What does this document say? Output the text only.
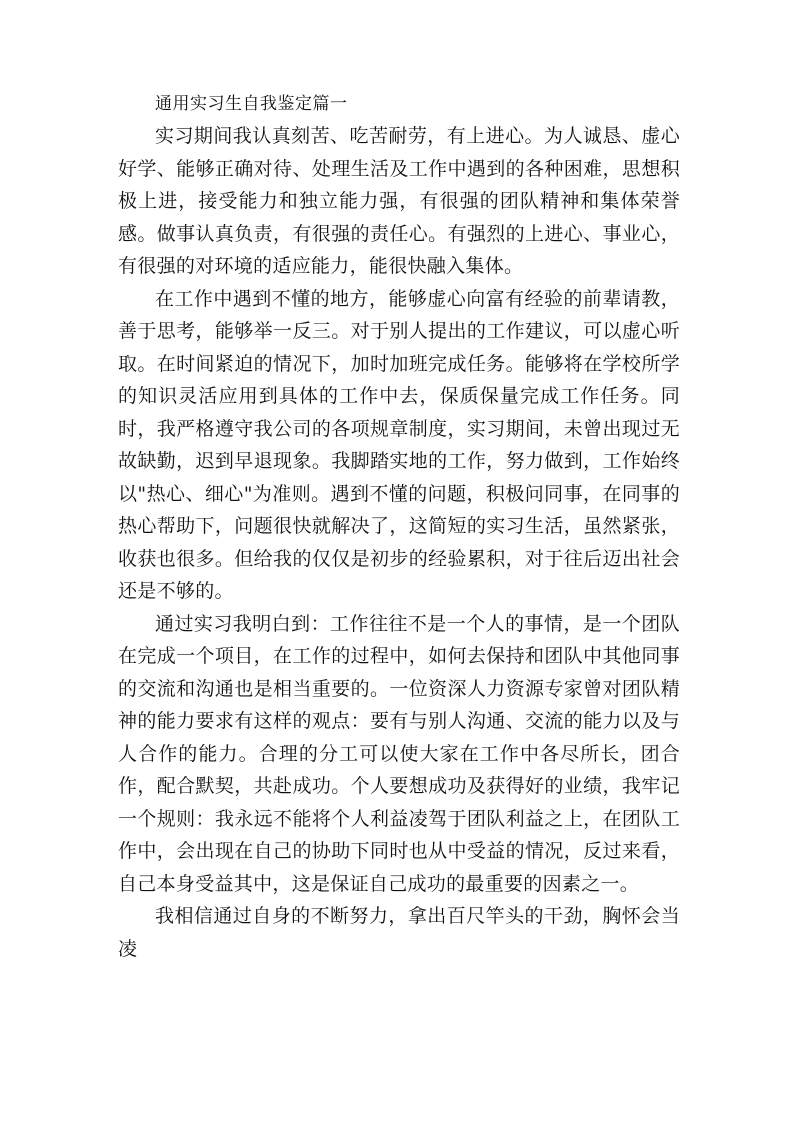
通用实习生自我鉴定篇一

实习期间我认真刻苦、吃苦耐劳，有上进心。为人诚恳、虚心好学、能够正确对待、处理生活及工作中遇到的各种困难，思想积极上进，接受能力和独立能力强，有很强的团队精神和集体荣誉感。做事认真负责，有很强的责任心。有强烈的上进心、事业心，有很强的对环境的适应能力，能很快融入集体。

在工作中遇到不懂的地方，能够虚心向富有经验的前辈请教，善于思考，能够举一反三。对于别人提出的工作建议，可以虚心听取。在时间紧迫的情况下，加时加班完成任务。能够将在学校所学的知识灵活应用到具体的工作中去，保质保量完成工作任务。同时，我严格遵守我公司的各项规章制度，实习期间，未曾出现过无故缺勤，迟到早退现象。我脚踏实地的工作，努力做到，工作始终以"热心、细心"为准则。遇到不懂的问题，积极问同事，在同事的热心帮助下，问题很快就解决了，这简短的实习生活，虽然紧张，收获也很多。但给我的仅仅是初步的经验累积，对于往后迈出社会还是不够的。

通过实习我明白到：工作往往不是一个人的事情，是一个团队在完成一个项目，在工作的过程中，如何去保持和团队中其他同事的交流和沟通也是相当重要的。一位资深人力资源专家曾对团队精神的能力要求有这样的观点：要有与别人沟通、交流的能力以及与人合作的能力。合理的分工可以使大家在工作中各尽所长，团合作，配合默契，共赴成功。个人要想成功及获得好的业绩，我牢记一个规则：我永远不能将个人利益凌驾于团队利益之上，在团队工作中，会出现在自己的协助下同时也从中受益的情况，反过来看，自己本身受益其中，这是保证自己成功的最重要的因素之一。

我相信通过自身的不断努力，拿出百尺竿头的干劲，胸怀会当凌
